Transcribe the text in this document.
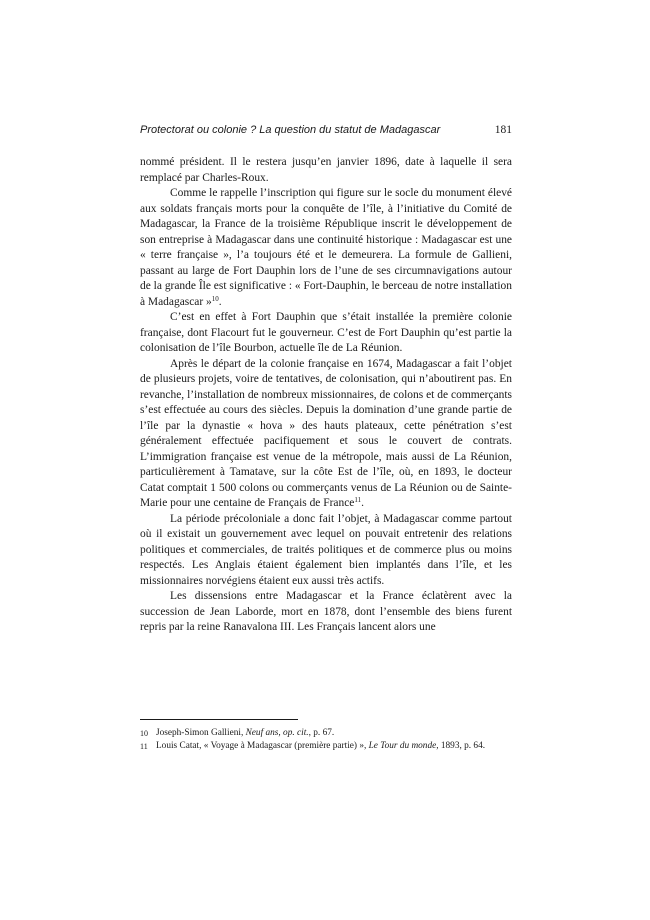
Protectorat ou colonie ? La question du statut de Madagascar	181

nommé président. Il le restera jusqu’en janvier 1896, date à laquelle il sera remplacé par Charles-Roux.

Comme le rappelle l’inscription qui figure sur le socle du monument élevé aux soldats français morts pour la conquête de l’île, à l’initiative du Comité de Madagascar, la France de la troisième République inscrit le développement de son entreprise à Madagascar dans une continuité historique : Madagascar est une « terre française », l’a toujours été et le demeurera. La formule de Gallieni, passant au large de Fort Dauphin lors de l’une de ses circumnavigations autour de la grande Île est significative : « Fort-Dauphin, le berceau de notre installation à Madagascar »$^{10}$.

C’est en effet à Fort Dauphin que s’était installée la première colonie française, dont Flacourt fut le gouverneur. C’est de Fort Dauphin qu’est partie la colonisation de l’île Bourbon, actuelle île de La Réunion.

Après le départ de la colonie française en 1674, Madagascar a fait l’objet de plusieurs projets, voire de tentatives, de colonisation, qui n’aboutirent pas. En revanche, l’installation de nombreux missionnaires, de colons et de commerçants s’est effectuée au cours des siècles. Depuis la domination d’une grande partie de l’île par la dynastie « hova » des hauts plateaux, cette pénétration s’est généralement effectuée pacifiquement et sous le couvert de contrats. L’immigration française est venue de la métropole, mais aussi de La Réunion, particulièrement à Tamatave, sur la côte Est de l’île, où, en 1893, le docteur Catat comptait 1 500 colons ou commerçants venus de La Réunion ou de Sainte-Marie pour une centaine de Français de France$^{11}$.

La période précoloniale a donc fait l’objet, à Madagascar comme partout où il existait un gouvernement avec lequel on pouvait entretenir des relations politiques et commerciales, de traités politiques et de commerce plus ou moins respectés. Les Anglais étaient également bien implantés dans l’île, et les missionnaires norvégiens étaient eux aussi très actifs.

Les dissensions entre Madagascar et la France éclatèrent avec la succession de Jean Laborde, mort en 1878, dont l’ensemble des biens furent repris par la reine Ranavalona III. Les Français lancent alors une

10 Joseph-Simon Gallieni, Neuf ans, op. cit., p. 67.

11 Louis Catat, « Voyage à Madagascar (première partie) », Le Tour du monde, 1893, p. 64.
